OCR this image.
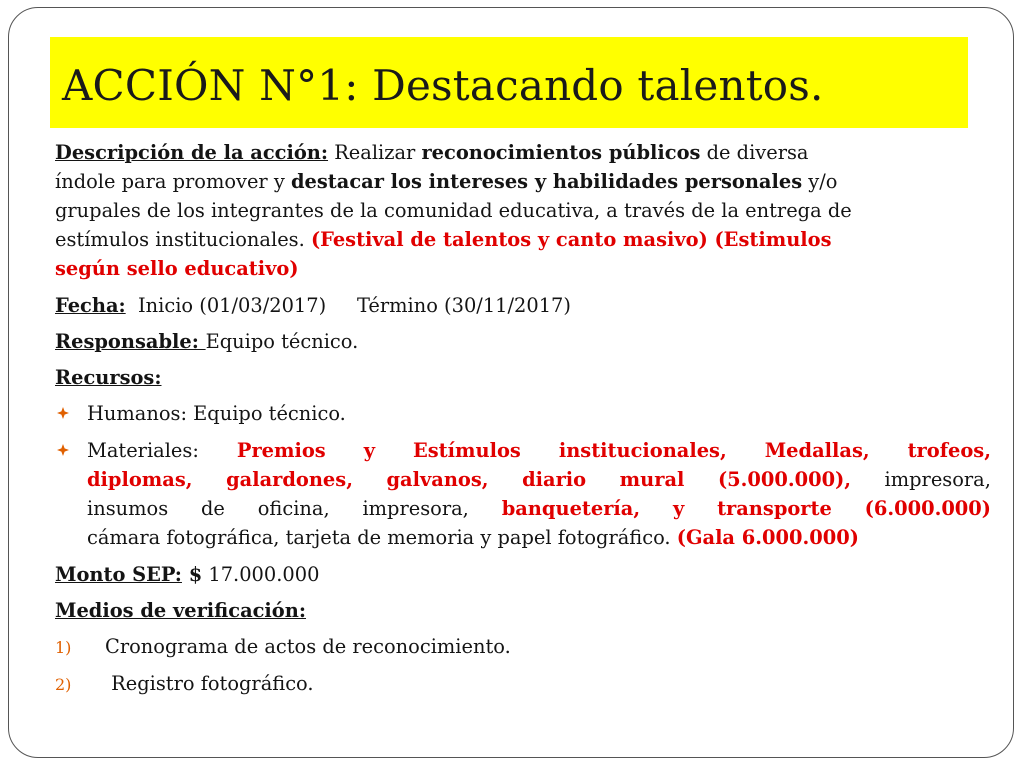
ACCIÓN N°1: Destacando talentos.
Descripción de la acción: Realizar reconocimientos públicos de diversa
índole para promover y destacar los intereses y habilidades personales y/o
grupales de los integrantes de la comunidad educativa, a través de la entrega de
estímulos institucionales. (Festival de talentos y canto masivo) (Estimulos
según sello educativo)
Fecha:  Inicio (01/03/2017)     Término (30/11/2017)
Responsable: Equipo técnico.
Recursos:
Humanos: Equipo técnico.
Materiales: Premios y Estímulos institucionales, Medallas, trofeos,
diplomas, galardones, galvanos, diario mural (5.000.000), impresora,
insumos de oficina, impresora, banquetería, y transporte (6.000.000)
cámara fotográfica, tarjeta de memoria y papel fotográfico. (Gala 6.000.000)
Monto SEP: $ 17.000.000
Medios de verificación:
1) Cronograma de actos de reconocimiento.
2) Registro fotográfico.
